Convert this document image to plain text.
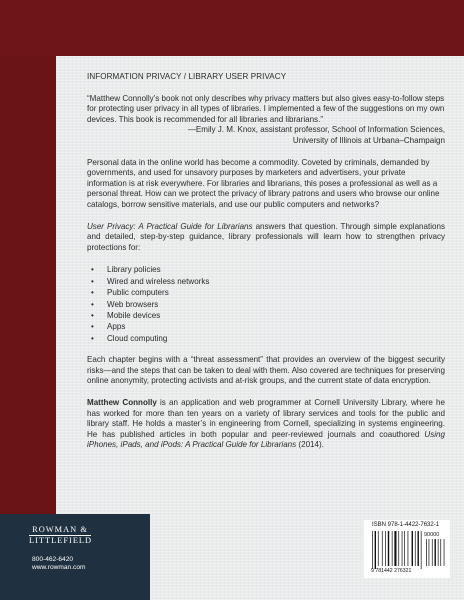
INFORMATION PRIVACY / LIBRARY USER PRIVACY

“Matthew Connolly’s book not only describes why privacy matters but also gives easy-to-follow steps for protecting user privacy in all types of libraries. I implemented a few of the suggestions on my own devices. This book is recommended for all libraries and librarians.”

—Emily J. M. Knox, assistant professor, School of Information Sciences,
University of Illinois at Urbana–Champaign

Personal data in the online world has become a commodity. Coveted by criminals, demanded by governments, and used for unsavory purposes by marketers and advertisers, your private information is at risk everywhere. For libraries and librarians, this poses a professional as well as a personal threat. How can we protect the privacy of library patrons and users who browse our online catalogs, borrow sensitive materials, and use our public computers and networks?

User Privacy: A Practical Guide for Librarians answers that question. Through simple explanations and detailed, step-by-step guidance, library professionals will learn how to strengthen privacy protections for:

•	Library policies
•	Wired and wireless networks
•	Public computers
•	Web browsers
•	Mobile devices
•	Apps
•	Cloud computing

Each chapter begins with a “threat assessment” that provides an overview of the biggest security risks—and the steps that can be taken to deal with them. Also covered are techniques for preserving online anonymity, protecting activists and at-risk groups, and the current state of data encryption.

Matthew Connolly is an application and web programmer at Cornell University Library, where he has worked for more than ten years on a variety of library services and tools for the public and library staff. He holds a master’s in engineering from Cornell, specializing in systems engineering. He has published articles in both popular and peer-reviewed journals and coauthored Using iPhones, iPads, and iPods: A Practical Guide for Librarians (2014).

ROWMAN &
LITTLEFIELD
800-462-6420
www.rowman.com
ISBN 978-1-4422-7632-1
90000
9 781442 276321
